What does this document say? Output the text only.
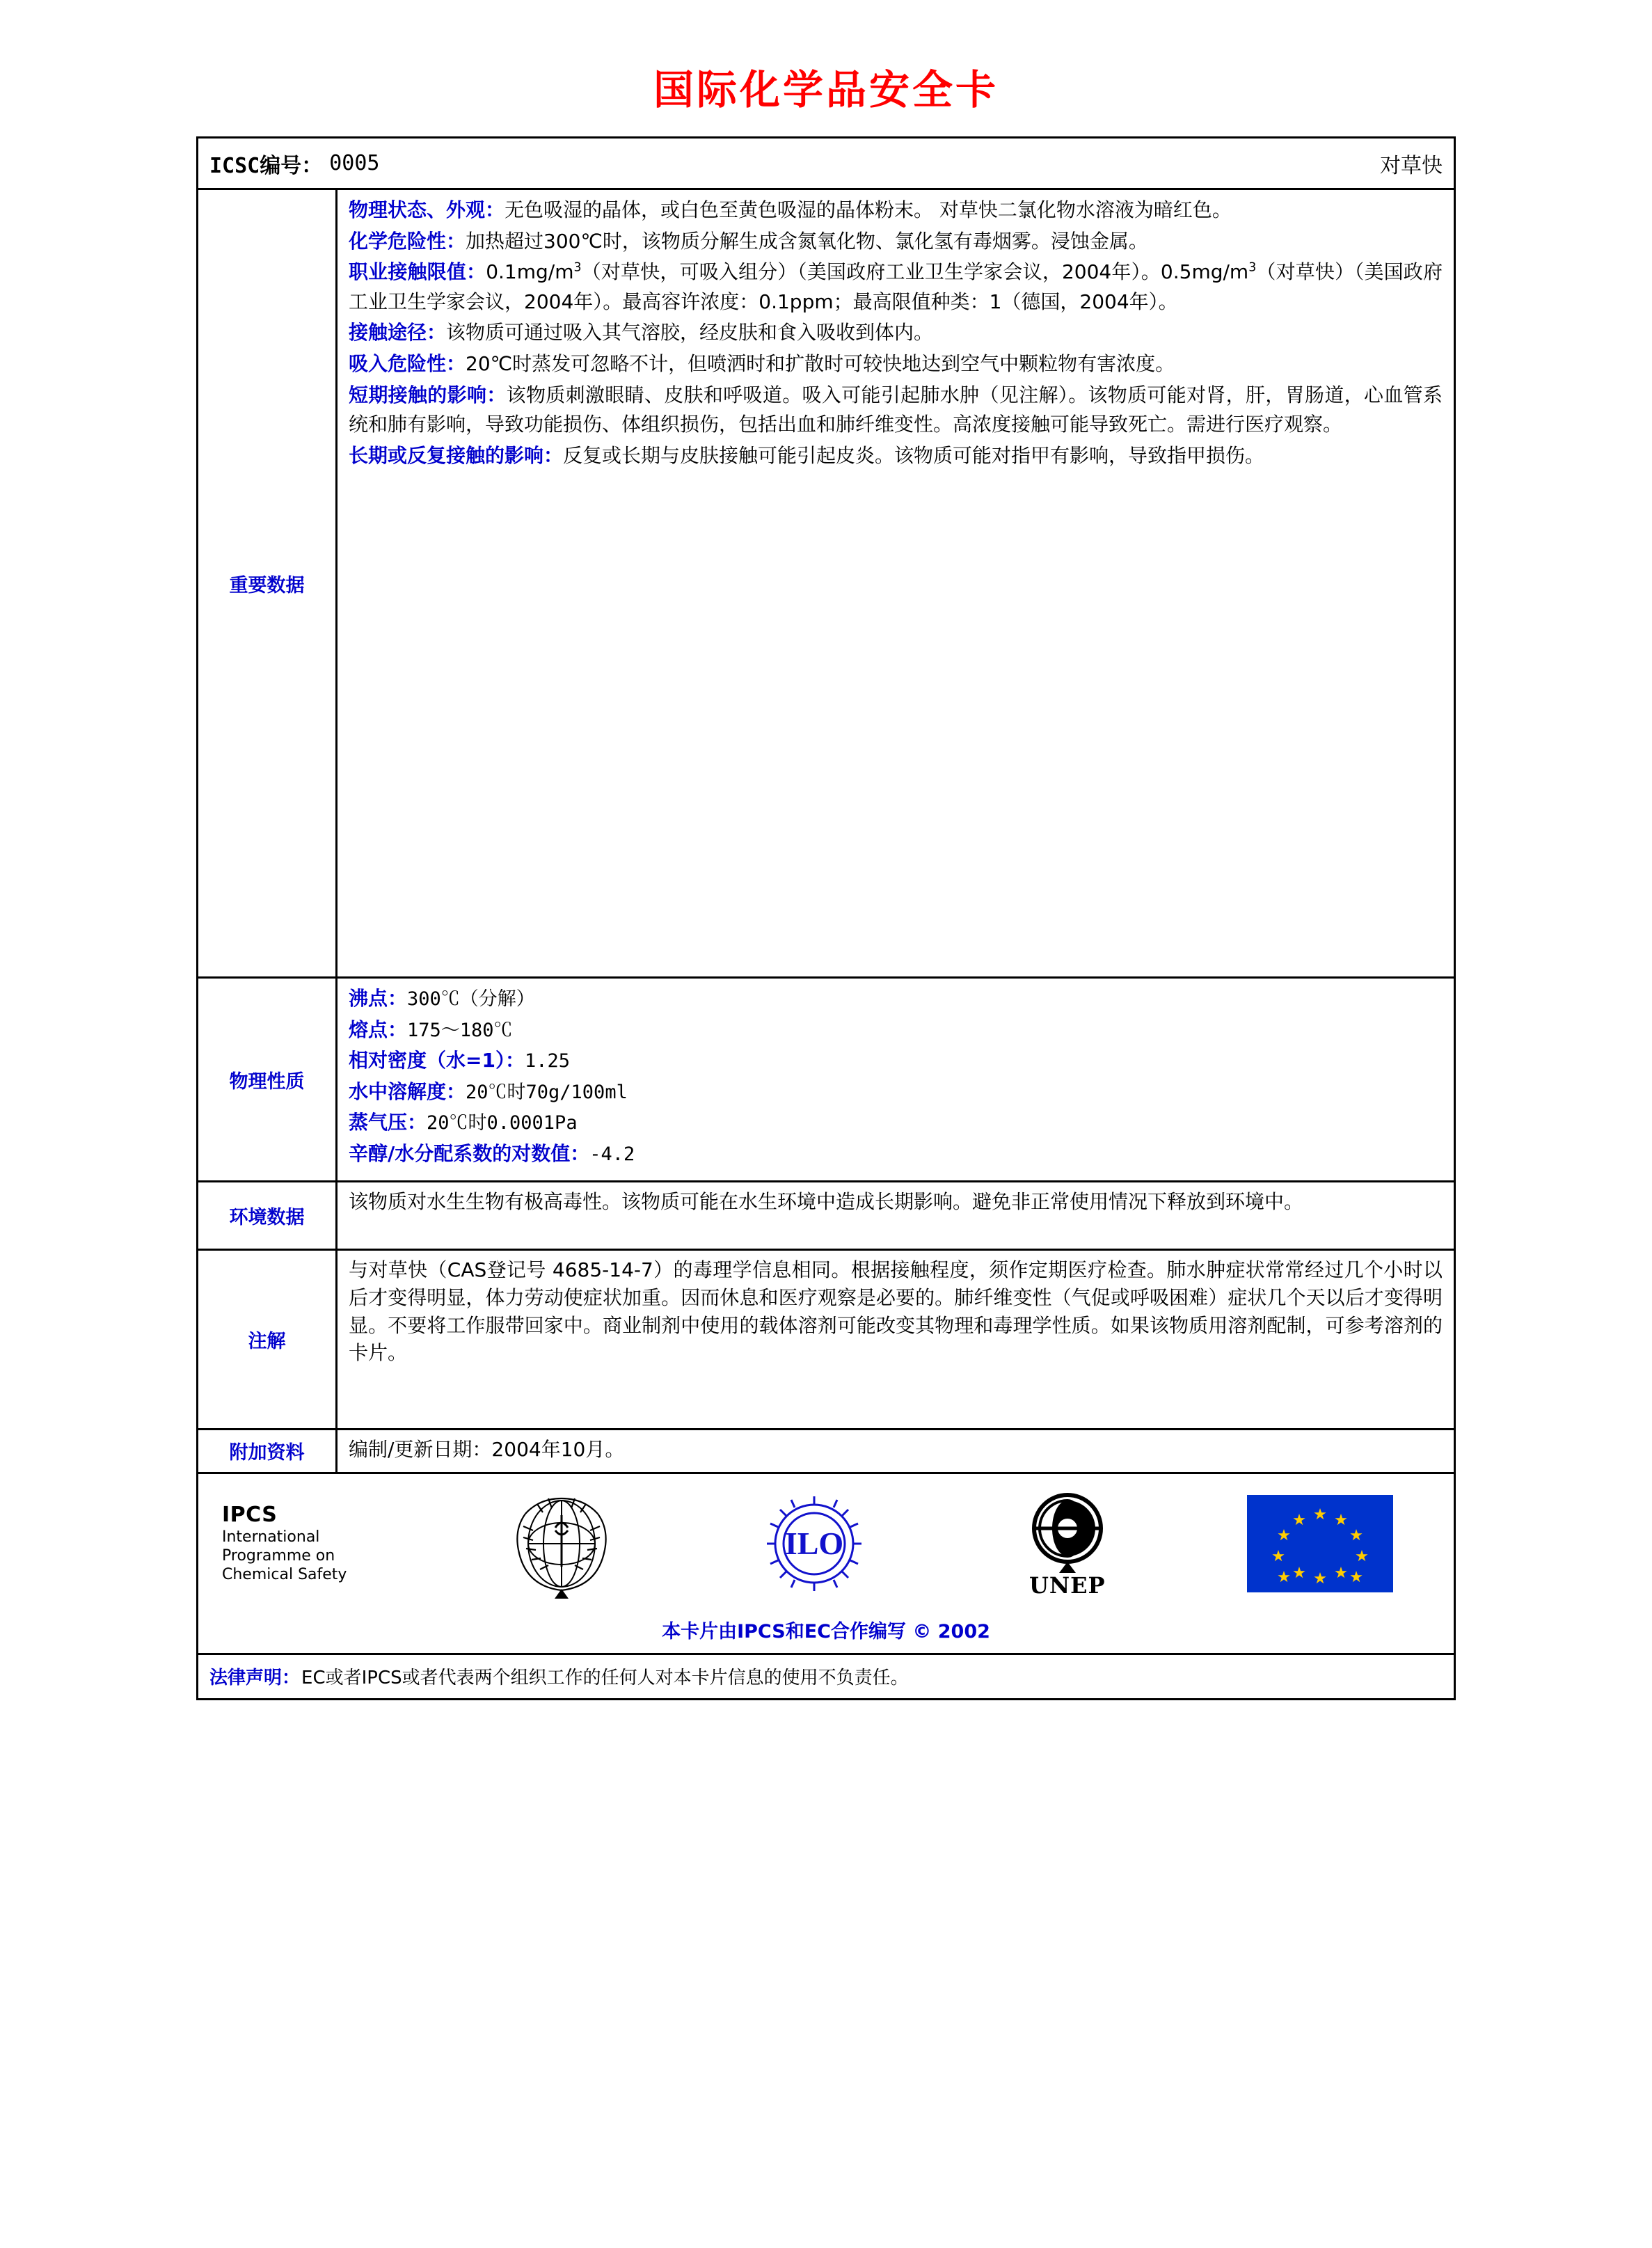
国际化学品安全卡
ICSC编号： 0005	对草快
重要数据

物理状态、外观：无色吸湿的晶体，或白色至黄色吸湿的晶体粉末。 对草快二氯化物水溶液为暗红色。

化学危险性：加热超过300℃时，该物质分解生成含氮氧化物、氯化氢有毒烟雾。浸蚀金属。

职业接触限值：$0.1mg/m^3$（对草快，可吸入组分）（美国政府工业卫生学家会议，2004年）。$0.5mg/m^3$（对草快）（美国政府工业卫生学家会议，2004年）。最高容许浓度：0.1ppm；最高限值种类：1（德国，2004年）。

接触途径：该物质可通过吸入其气溶胶，经皮肤和食入吸收到体内。

吸入危险性：20℃时蒸发可忽略不计，但喷洒时和扩散时可较快地达到空气中颗粒物有害浓度。

短期接触的影响：该物质刺激眼睛、皮肤和呼吸道。吸入可能引起肺水肿（见注解）。该物质可能对肾，肝，胃肠道，心血管系统和肺有影响，导致功能损伤、体组织损伤，包括出血和肺纤维变性。高浓度接触可能导致死亡。需进行医疗观察。

长期或反复接触的影响：反复或长期与皮肤接触可能引起皮炎。该物质可能对指甲有影响，导致指甲损伤。

物理性质

沸点：300℃（分解）

熔点：175～180℃

相对密度（水=1）：1.25

水中溶解度：20℃时70g/100ml

蒸气压：20℃时0.0001Pa

辛醇/水分配系数的对数值：-4.2

环境数据

该物质对水生生物有极高毒性。该物质可能在水生环境中造成长期影响。避免非正常使用情况下释放到环境中。

注解

与对草快（CAS登记号 4685-14-7）的毒理学信息相同。根据接触程度，须作定期医疗检查。肺水肿症状常常经过几个小时以后才变得明显，体力劳动使症状加重。因而休息和医疗观察是必要的。肺纤维变性（气促或呼吸困难）症状几个天以后才变得明显。不要将工作服带回家中。商业制剂中使用的载体溶剂可能改变其物理和毒理学性质。如果该物质用溶剂配制，可参考溶剂的卡片。

附加资料	编制/更新日期：2004年10月。

IPCS
International
Programme on
Chemical Safety
ILO
UNEP
本卡片由IPCS和EC合作编写 © 2002
法律声明： EC或者IPCS或者代表两个组织工作的任何人对本卡片信息的使用不负责任。
